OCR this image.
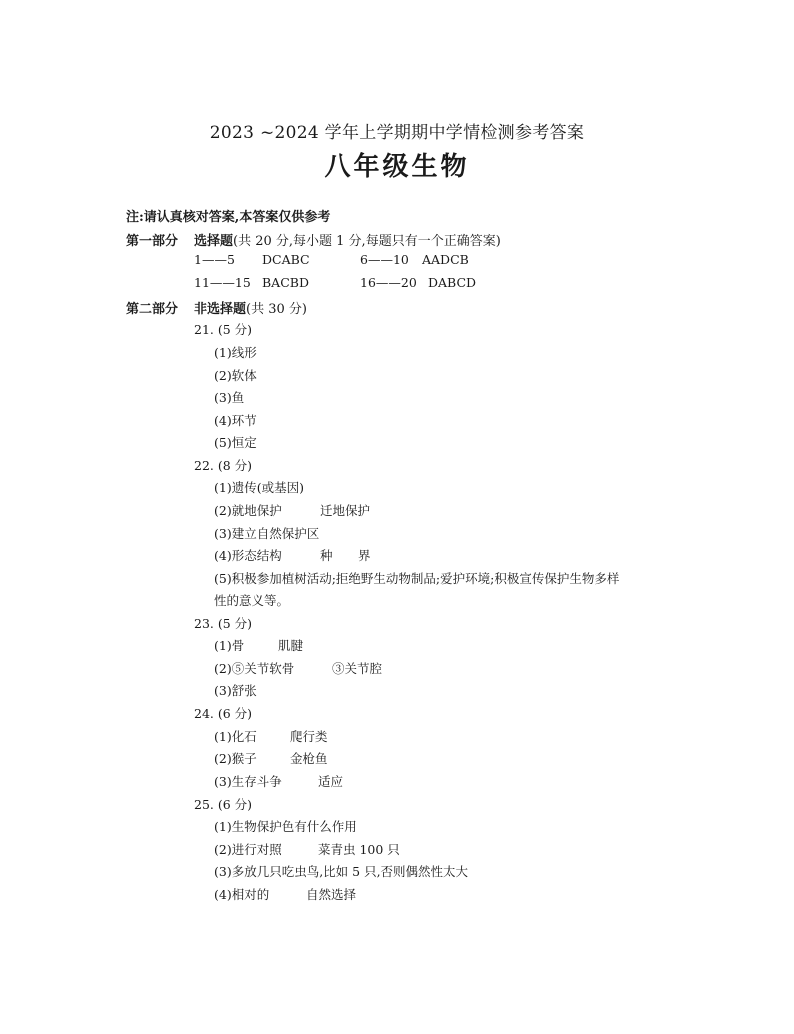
2023 ~2024 学年上学期期中学情检测参考答案
八年级生物
注:请认真核对答案,本答案仅供参考
第一部分 选择题(共 20 分,每小题 1 分,每题只有一个正确答案)
1——5 DCABC	6——10 AADCB
11——15 BACBD	16——20 DABCD
第二部分 非选择题(共 30 分)
21. (5 分)
(1)线形
(2)软体
(3)鱼
(4)环节
(5)恒定
22. (8 分)
(1)遗传(或基因)
(2)就地保护	迁地保护
(3)建立自然保护区
(4)形态结构	种 界
(5)积极参加植树活动;拒绝野生动物制品;爱护环境;积极宣传保护生物多样
性的意义等。
23. (5 分)
(1)骨	肌腱
(2)⑤关节软骨	③关节腔
(3)舒张
24. (6 分)
(1)化石	爬行类
(2)猴子	金枪鱼
(3)生存斗争	适应
25. (6 分)
(1)生物保护色有什么作用
(2)进行对照	菜青虫 100 只
(3)多放几只吃虫鸟,比如 5 只,否则偶然性太大
(4)相对的	自然选择
